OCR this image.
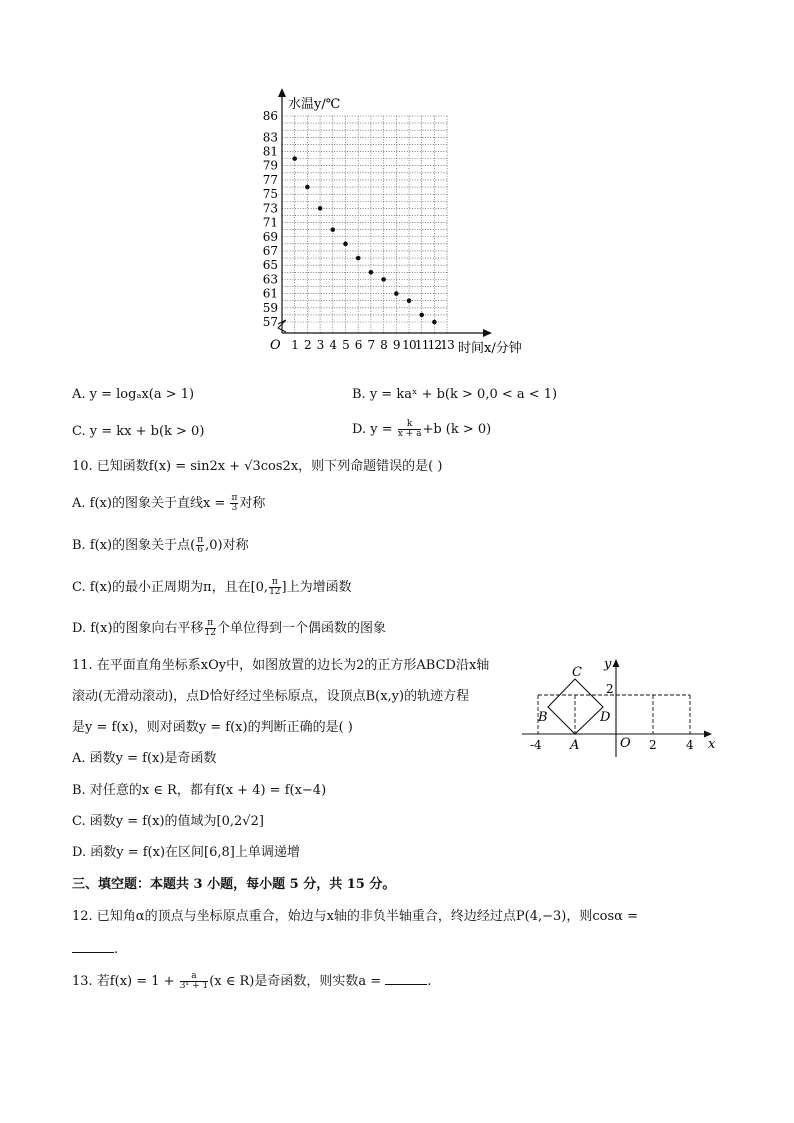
86
83
81
79
77
75
73
71
69
67
65
63
61
59
57
1 2 3 4 5 6 7 8 9 10 11 12 13
水温y/℃
时间x/分钟
O
A. y = logₐx(a > 1)	B. y = kaˣ + b(k > 0,0 < a < 1)
C. y = kx + b(k > 0)	D. $y = \frac{k}{x + a} +b$ (k > 0)
10. 已知函数f(x) = sin2x + √3cos2x，则下列命题错误的是( )
A. f(x)的图象关于直线$x = \frac{\pi}{3}$ 对称
B. f(x)的图象关于点( $\frac{\pi}{6} ,0$)对称
C. f(x)的最小正周期为π，且在[0, $\frac{\pi}{12}$ ]上为增函数
D. f(x)的图象向右平移 $\frac{\pi}{12}$ 个单位得到一个偶函数的图象
11. 在平面直角坐标系xOy中，如图放置的边长为2的正方形ABCD沿x轴
滚动(无滑动滚动)，点D恰好经过坐标原点，设顶点B(x,y)的轨迹方程
是y = f(x)，则对函数y = f(x)的判断正确的是( )
A. 函数y = f(x)是奇函数
B. 对任意的x ∈ R，都有f(x + 4) = f(x−4)
C. 函数y = f(x)的值域为[0,2√2]
D. 函数y = f(x)在区间[6,8]上单调递增
C
B	D
A	O
y
x
2
-4	2 4
三、填空题：本题共 3 小题，每小题 5 分，共 15 分。
12. 已知角α的顶点与坐标原点重合，始边与x轴的非负半轴重合，终边经过点P(4,−3)，则cosα =
.
13. 若$f(x) = 1 + \frac{a}{\text{3ˣ + 1}} (x$ ∈ R)是奇函数，则实数a =	.
